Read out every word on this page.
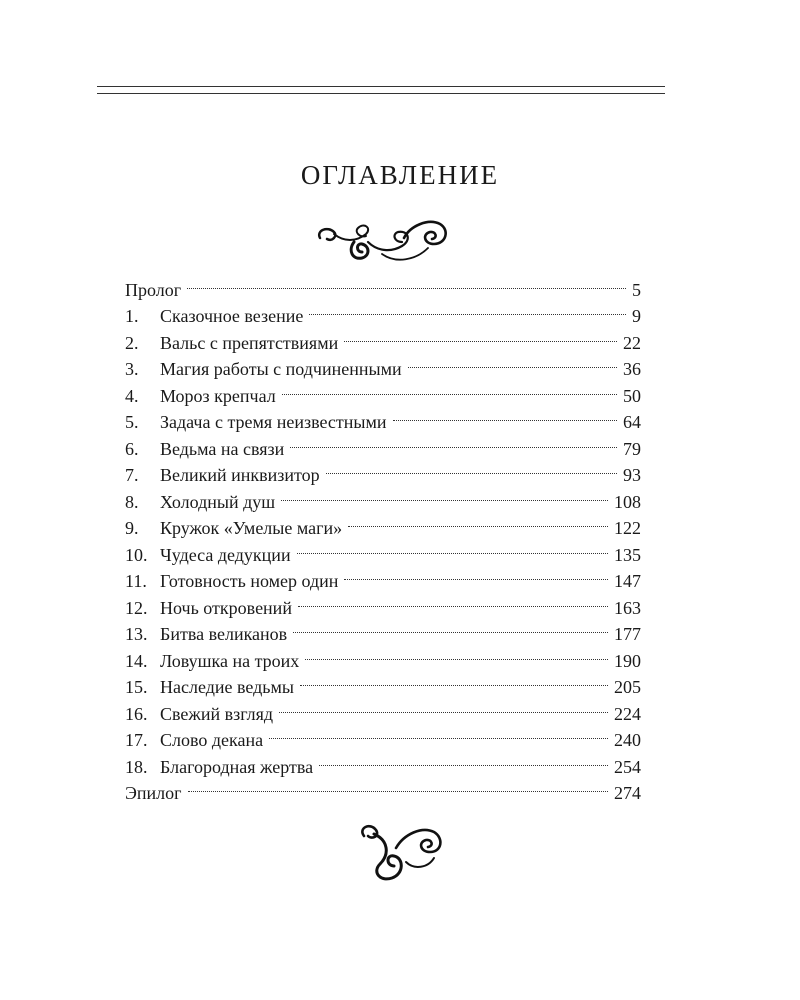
ОГЛАВЛЕНИЕ
Пролог	5
1.	Сказочное везение	9
2.	Вальс с препятствиями	22
3.	Магия работы с подчиненными	36
4.	Мороз крепчал	50
5.	Задача с тремя неизвестными	64
6.	Ведьма на связи	79
7.	Великий инквизитор	93
8.	Холодный душ	108
9.	Кружок «Умелые маги»	122
10. Чудеса дедукции	135
11. Готовность номер один	147
12. Ночь откровений	163
13. Битва великанов	177
14. Ловушка на троих	190
15. Наследие ведьмы	205
16. Свежий взгляд	224
17. Слово декана	240
18. Благородная жертва	254
Эпилог	274
